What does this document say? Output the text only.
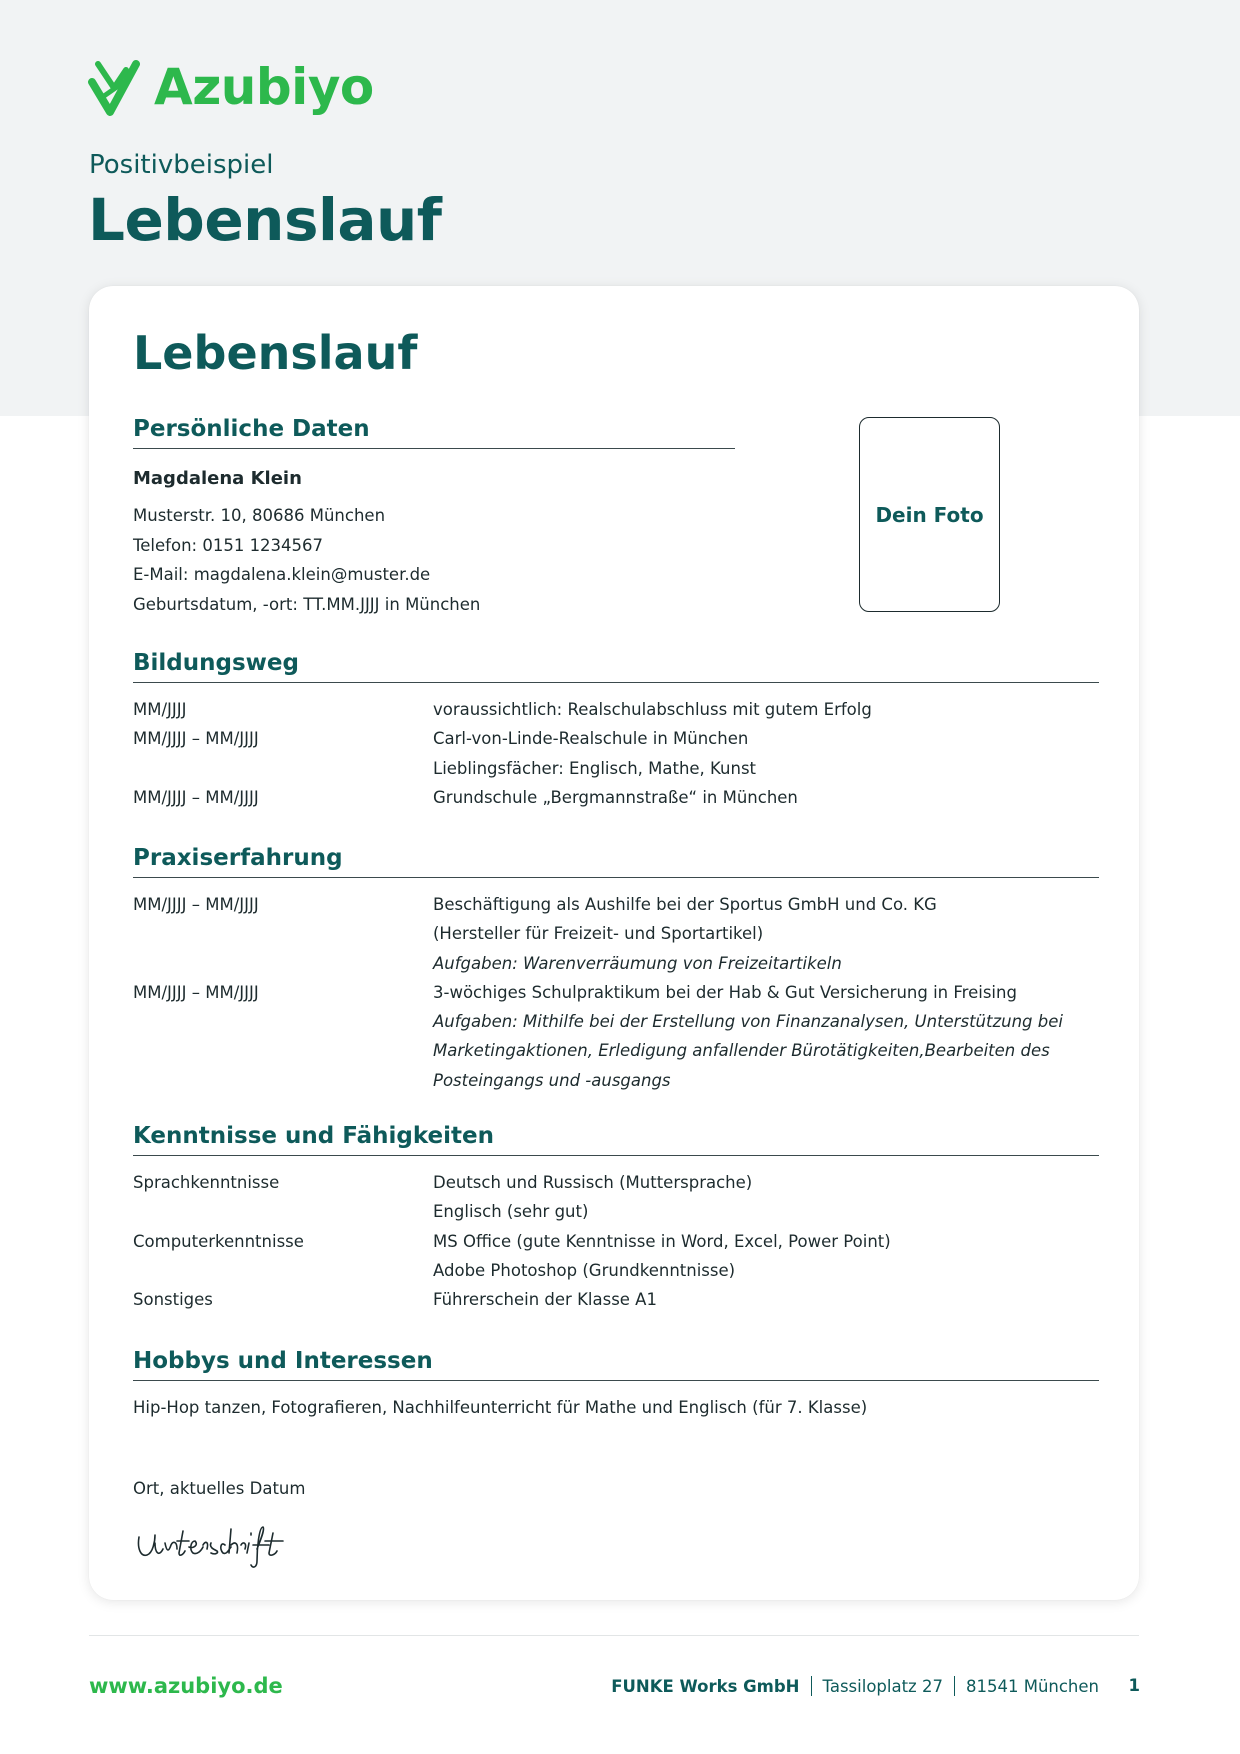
Azubiyo
Positivbeispiel
Lebenslauf
Lebenslauf
Persönliche Daten
Magdalena Klein
Musterstr. 10, 80686 München
Telefon: 0151 1234567
E-Mail: magdalena.klein@muster.de
Geburtsdatum, -ort: TT.MM.JJJJ in München
Dein Foto
Bildungsweg
MM/JJJJ	voraussichtlich: Realschulabschluss mit gutem Erfolg
MM/JJJJ – MM/JJJJ	Carl-von-Linde-Realschule in München
Lieblingsfächer: Englisch, Mathe, Kunst
MM/JJJJ – MM/JJJJ	Grundschule „Bergmannstraße“ in München
Praxiserfahrung
MM/JJJJ – MM/JJJJ	Beschäftigung als Aushilfe bei der Sportus GmbH und Co. KG
(Hersteller für Freizeit- und Sportartikel)
Aufgaben: Warenverräumung von Freizeitartikeln
MM/JJJJ – MM/JJJJ	3-wöchiges Schulpraktikum bei der Hab & Gut Versicherung in Freising
Aufgaben: Mithilfe bei der Erstellung von Finanzanalysen, Unterstützung bei
Marketingaktionen, Erledigung anfallender Bürotätigkeiten,Bearbeiten des
Posteingangs und -ausgangs
Kenntnisse und Fähigkeiten
Sprachkenntnisse	Deutsch und Russisch (Muttersprache)
Englisch (sehr gut)
Computerkenntnisse	MS Office (gute Kenntnisse in Word, Excel, Power Point)
Adobe Photoshop (Grundkenntnisse)
Sonstiges	Führerschein der Klasse A1
Hobbys und Interessen
Hip-Hop tanzen, Fotografieren, Nachhilfeunterricht für Mathe und Englisch (für 7. Klasse)
Ort, aktuelles Datum
www.azubiyo.de	FUNKE Works GmbH Tassiloplatz 27 81541 München 1
